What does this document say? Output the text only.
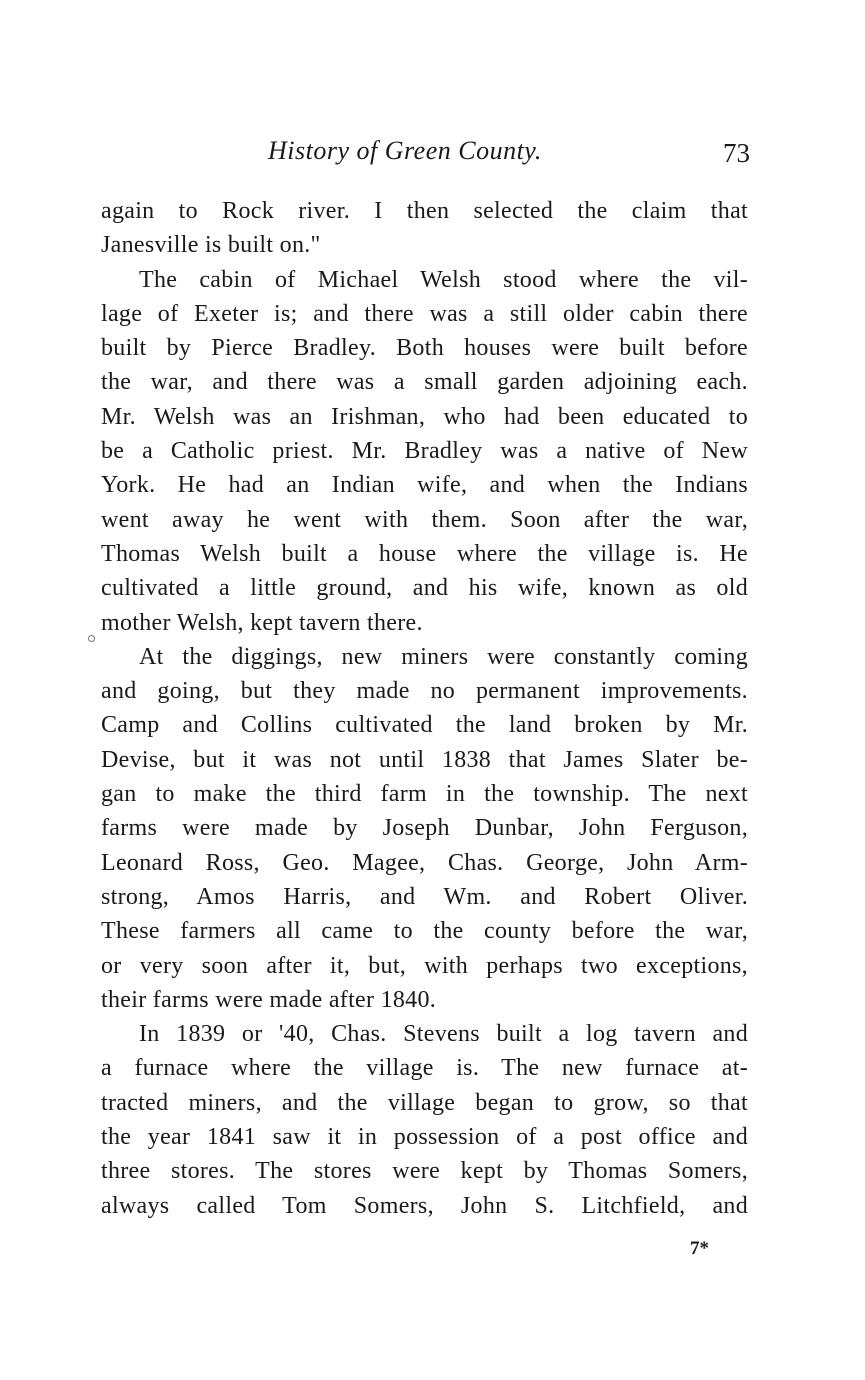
History of Green County.	73
again to Rock river. I then selected the claim that
Janesville is built on."
The cabin of Michael Welsh stood where the vil-
lage of Exeter is; and there was a still older cabin there
built by Pierce Bradley. Both houses were built before
the war, and there was a small garden adjoining each.
Mr. Welsh was an Irishman, who had been educated to
be a Catholic priest. Mr. Bradley was a native of New
York. He had an Indian wife, and when the Indians
went away he went with them. Soon after the war,
Thomas Welsh built a house where the village is. He
cultivated a little ground, and his wife, known as old
mother Welsh, kept tavern there.
At the diggings, new miners were constantly coming
and going, but they made no permanent improvements.
Camp and Collins cultivated the land broken by Mr.
Devise, but it was not until 1838 that James Slater be-
gan to make the third farm in the township. The next
farms were made by Joseph Dunbar, John Ferguson,
Leonard Ross, Geo. Magee, Chas. George, John Arm-
strong, Amos Harris, and Wm. and Robert Oliver.
These farmers all came to the county before the war,
or very soon after it, but, with perhaps two exceptions,
their farms were made after 1840.
In 1839 or '40, Chas. Stevens built a log tavern and
a furnace where the village is. The new furnace at-
tracted miners, and the village began to grow, so that
the year 1841 saw it in possession of a post office and
three stores. The stores were kept by Thomas Somers,
always called Tom Somers, John S. Litchfield, and
7*
